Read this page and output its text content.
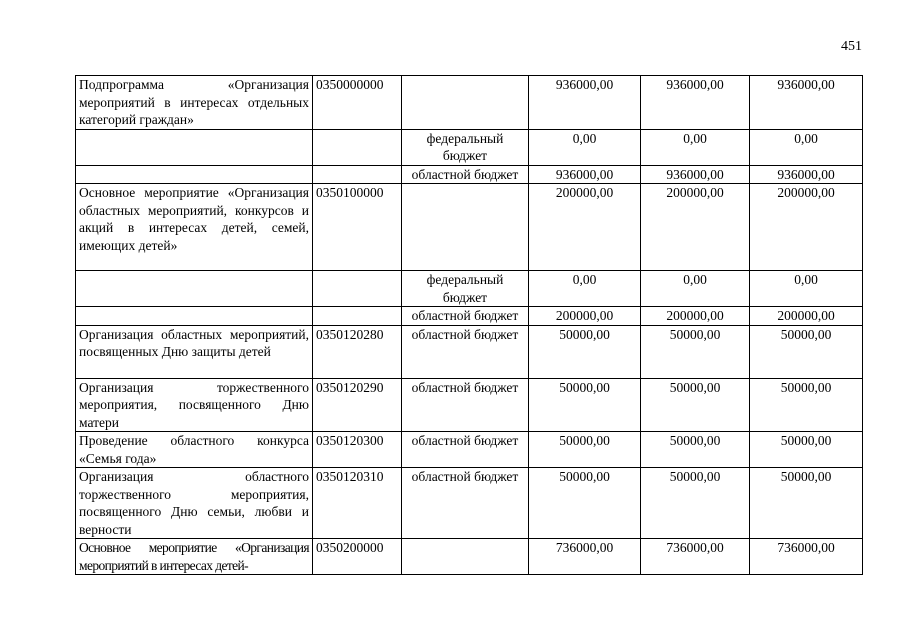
451
Подпрограмма «Организация мероприятий в интересах отдельных категорий граждан»	0350000000		936000,00	936000,00	936000,00
		федеральный бюджет	0,00	0,00	0,00
		областной бюджет	936000,00	936000,00	936000,00
Основное мероприятие «Организация областных мероприятий, конкурсов и акций в интересах детей, семей, имеющих детей»	0350100000		200000,00	200000,00	200000,00
		федеральный бюджет	0,00	0,00	0,00
		областной бюджет	200000,00	200000,00	200000,00
Организация областных мероприятий, посвященных Дню защиты детей	0350120280	областной бюджет	50000,00	50000,00	50000,00
Организация торжественного мероприятия, посвященного Дню матери	0350120290	областной бюджет	50000,00	50000,00	50000,00
Проведение областного конкурса «Семья года»	0350120300	областной бюджет	50000,00	50000,00	50000,00
Организация областного торжественного мероприятия, посвященного Дню семьи, любви и верности	0350120310	областной бюджет	50000,00	50000,00	50000,00
Основное мероприятие «Организация мероприятий в интересах детей-	0350200000		736000,00	736000,00	736000,00
